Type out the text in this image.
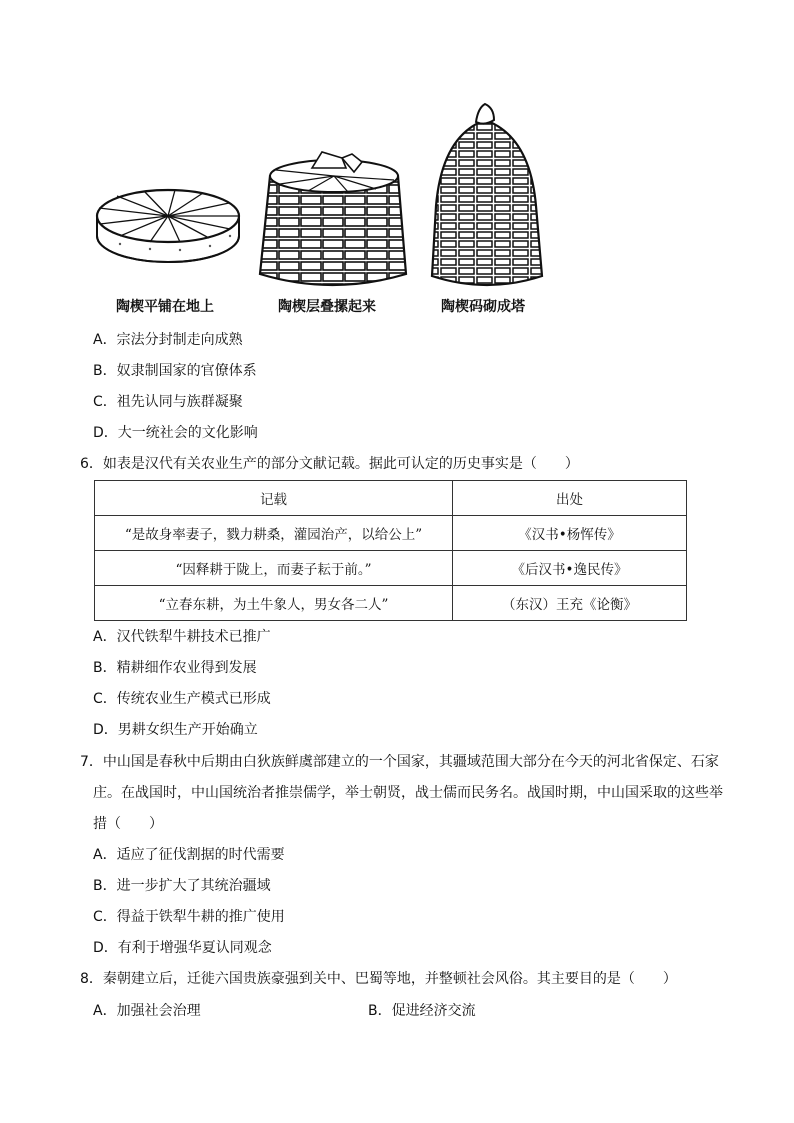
陶楔平铺在地上	陶楔层叠摞起来	陶楔码砌成塔
A．宗法分封制走向成熟
B．奴隶制国家的官僚体系
C．祖先认同与族群凝聚
D．大一统社会的文化影响
6．如表是汉代有关农业生产的部分文献记载。据此可认定的历史事实是（　　）
记载	出处
“是故身率妻子，戮力耕桑，灌园治产，以给公上”	《汉书•杨恽传》
“因释耕于陇上，而妻子耘于前。”	《后汉书•逸民传》
“立春东耕，为土牛象人，男女各二人”	（东汉）王充《论衡》
A．汉代铁犁牛耕技术已推广
B．精耕细作农业得到发展
C．传统农业生产模式已形成
D．男耕女织生产开始确立
7．中山国是春秋中后期由白狄族鲜虞部建立的一个国家，其疆域范围大部分在今天的河北省保定、石家
庄。在战国时，中山国统治者推崇儒学，举士朝贤，战士儒而民务名。战国时期，中山国采取的这些举
措（　　）
A．适应了征伐割据的时代需要
B．进一步扩大了其统治疆域
C．得益于铁犁牛耕的推广使用
D．有利于增强华夏认同观念
8．秦朝建立后，迁徙六国贵族豪强到关中、巴蜀等地，并整顿社会风俗。其主要目的是（　　）
A．加强社会治理	B．促进经济交流
